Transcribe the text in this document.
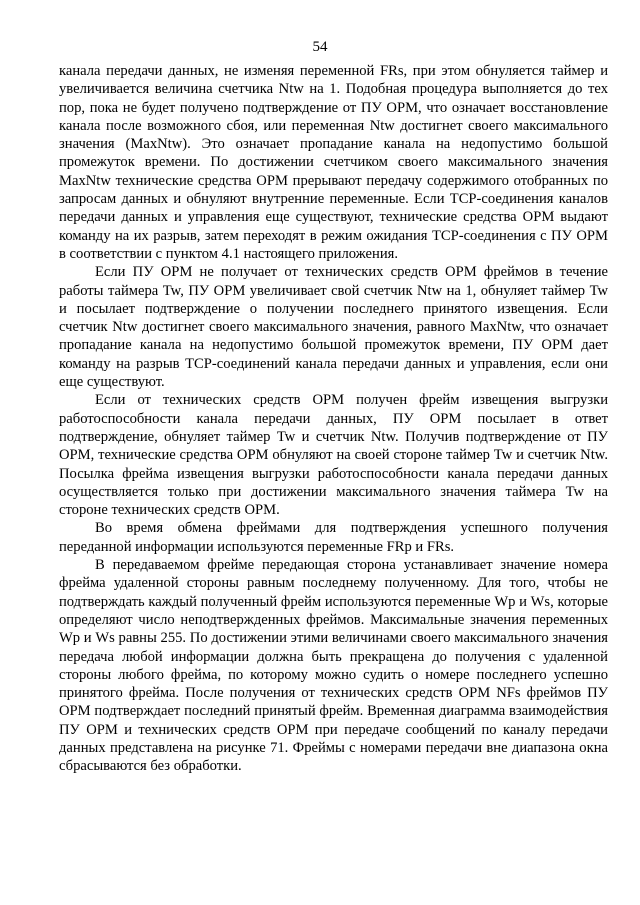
54

канала передачи данных, не изменяя переменной FRs, при этом обнуляется таймер и увеличивается величина счетчика Ntw на 1. Подобная процедура выполняется до тех пор, пока не будет получено подтверждение от ПУ ОРМ, что означает восстановление канала после возможного сбоя, или переменная Ntw достигнет своего максимального значения (MaxNtw). Это означает пропадание канала на недопустимо большой промежуток времени. По достижении счетчиком своего максимального значения MaxNtw технические средства ОРМ прерывают передачу содержимого отобранных по запросам данных и обнуляют внутренние переменные. Если TCP-соединения каналов передачи данных и управления еще существуют, технические средства ОРМ выдают команду на их разрыв, затем переходят в режим ожидания TCP-соединения с ПУ ОРМ в соответствии с пунктом 4.1 настоящего приложения.

Если ПУ ОРМ не получает от технических средств ОРМ фреймов в течение работы таймера Tw, ПУ ОРМ увеличивает свой счетчик Ntw на 1, обнуляет таймер Tw и посылает подтверждение о получении последнего принятого извещения. Если счетчик Ntw достигнет своего максимального значения, равного MaxNtw, что означает пропадание канала на недопустимо большой промежуток времени, ПУ ОРМ дает команду на разрыв TCP-соединений канала передачи данных и управления, если они еще существуют.

Если от технических средств ОРМ получен фрейм извещения выгрузки работоспособности канала передачи данных, ПУ ОРМ посылает в ответ подтверждение, обнуляет таймер Tw и счетчик Ntw. Получив подтверждение от ПУ ОРМ, технические средства ОРМ обнуляют на своей стороне таймер Tw и счетчик Ntw. Посылка фрейма извещения выгрузки работоспособности канала передачи данных осуществляется только при достижении максимального значения таймера Tw на стороне технических средств ОРМ.

Во время обмена фреймами для подтверждения успешного получения переданной информации используются переменные FRp и FRs.

В передаваемом фрейме передающая сторона устанавливает значение номера фрейма удаленной стороны равным последнему полученному. Для того, чтобы не подтверждать каждый полученный фрейм используются переменные Wp и Ws, которые определяют число неподтвержденных фреймов. Максимальные значения переменных Wp и Ws равны 255. По достижении этими величинами своего максимального значения передача любой информации должна быть прекращена до получения с удаленной стороны любого фрейма, по которому можно судить о номере последнего успешно принятого фрейма. После получения от технических средств ОРМ NFs фреймов ПУ ОРМ подтверждает последний принятый фрейм. Временная диаграмма взаимодействия ПУ ОРМ и технических средств ОРМ при передаче сообщений по каналу передачи данных представлена на рисунке 71. Фреймы с номерами передачи вне диапазона окна сбрасываются без обработки.
